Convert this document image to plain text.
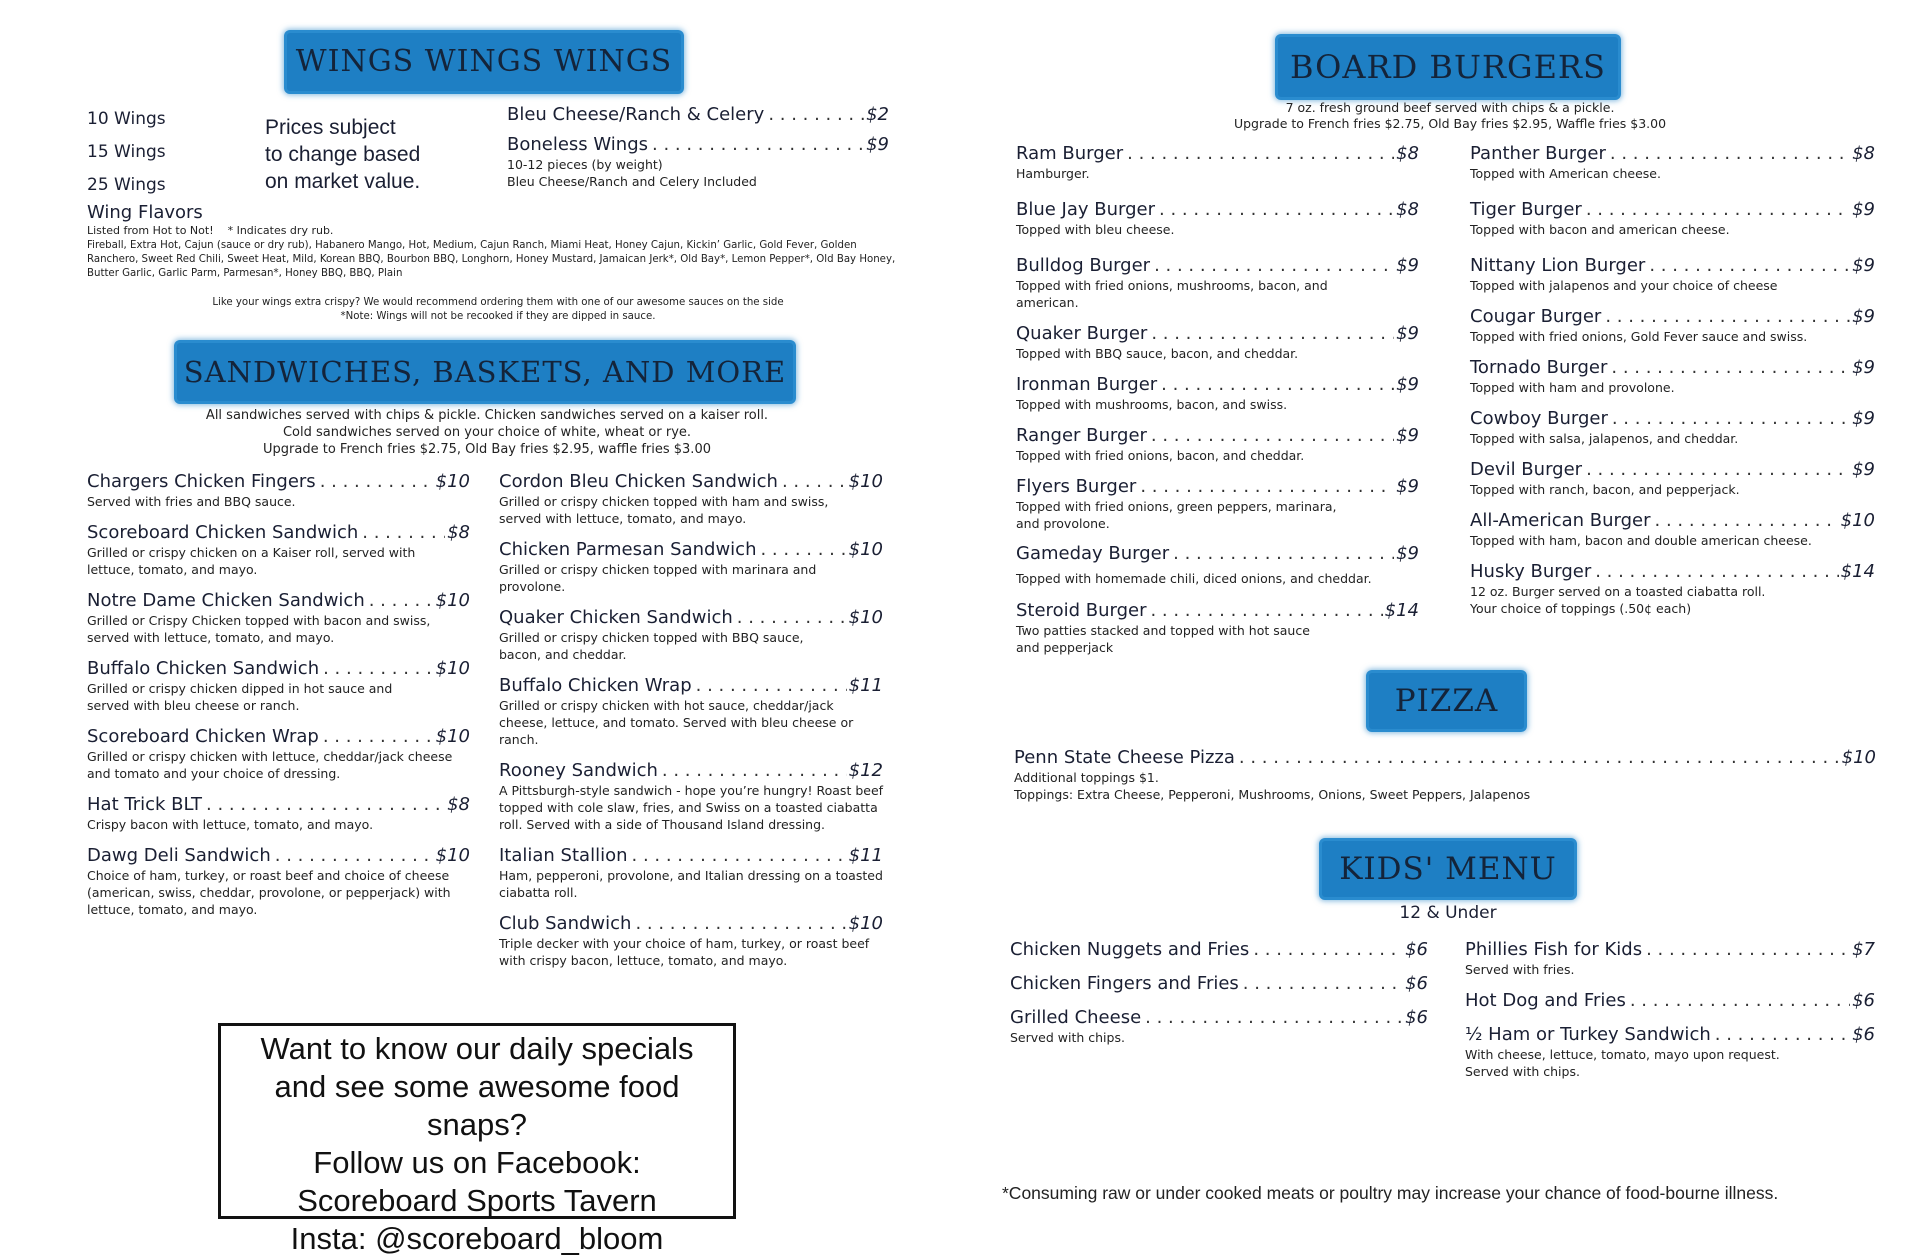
WINGS WINGS WINGS
10 Wings
15 Wings
25 Wings
Prices subject
to change based
on market value.
Bleu Cheese/Ranch & Celery . . .	$2
Boneless Wings . . .	$9
10-12 pieces (by weight)
Bleu Cheese/Ranch and Celery Included
Wing Flavors
Listed from Hot to Not!    * Indicates dry rub.
Fireball, Extra Hot, Cajun (sauce or dry rub), Habanero Mango, Hot, Medium, Cajun Ranch, Miami Heat, Honey Cajun, Kickin’ Garlic, Gold Fever, Golden Ranchero, Sweet Red Chili, Sweet Heat, Mild, Korean BBQ, Bourbon BBQ, Longhorn, Honey Mustard, Jamaican Jerk*, Old Bay*, Lemon Pepper*, Old Bay Honey, Butter Garlic, Garlic Parm, Parmesan*, Honey BBQ, BBQ, Plain
Like your wings extra crispy? We would recommend ordering them with one of our awesome sauces on the side
*Note: Wings will not be recooked if they are dipped in sauce.
SANDWICHES, BASKETS, AND MORE
All sandwiches served with chips & pickle. Chicken sandwiches served on a kaiser roll.
Cold sandwiches served on your choice of white, wheat or rye.
Upgrade to French fries $2.75, Old Bay fries $2.95, waffle fries $3.00
Chargers Chicken Fingers . . .	$10
Served with fries and BBQ sauce.
Scoreboard Chicken Sandwich . . .	$8
Grilled or crispy chicken on a Kaiser roll, served with lettuce, tomato, and mayo.
Notre Dame Chicken Sandwich . . .	$10
Grilled or Crispy Chicken topped with bacon and swiss, served with lettuce, tomato, and mayo.
Buffalo Chicken Sandwich . . .	$10
Grilled or crispy chicken dipped in hot sauce and served with bleu cheese or ranch.
Scoreboard Chicken Wrap . . .	$10
Grilled or crispy chicken with lettuce, cheddar/jack cheese and tomato and your choice of dressing.
Hat Trick BLT . . .	$8
Crispy bacon with lettuce, tomato, and mayo.
Dawg Deli Sandwich . . .	$10
Choice of ham, turkey, or roast beef and choice of cheese (american, swiss, cheddar, provolone, or pepperjack) with lettuce, tomato, and mayo.
Cordon Bleu Chicken Sandwich . . .	$10
Grilled or crispy chicken topped with ham and swiss, served with lettuce, tomato, and mayo.
Chicken Parmesan Sandwich . . .	$10
Grilled or crispy chicken topped with marinara and provolone.
Quaker Chicken Sandwich . . .	$10
Grilled or crispy chicken topped with BBQ sauce, bacon, and cheddar.
Buffalo Chicken Wrap . . .	$11
Grilled or crispy chicken with hot sauce, cheddar/jack cheese, lettuce, and tomato. Served with bleu cheese or ranch.
Rooney Sandwich . . .	$12
A Pittsburgh-style sandwich - hope you’re hungry! Roast beef topped with cole slaw, fries, and Swiss on a toasted ciabatta roll. Served with a side of Thousand Island dressing.
Italian Stallion . . .	$11
Ham, pepperoni, provolone, and Italian dressing on a toasted ciabatta roll.
Club Sandwich . . .	$10
Triple decker with your choice of ham, turkey, or roast beef with crispy bacon, lettuce, tomato, and mayo.
Want to know our daily specials
and see some awesome food snaps?
Follow us on Facebook:
Scoreboard Sports Tavern
Insta: @scoreboard_bloom
BOARD BURGERS
7 oz. fresh ground beef served with chips & a pickle.
Upgrade to French fries $2.75, Old Bay fries $2.95, Waffle fries $3.00
Ram Burger . . .	$8
Hamburger.
Blue Jay Burger . . .	$8
Topped with bleu cheese.
Bulldog Burger . . .	$9
Topped with fried onions, mushrooms, bacon, and american.
Quaker Burger . . .	$9
Topped with BBQ sauce, bacon, and cheddar.
Ironman Burger . . .	$9
Topped with mushrooms, bacon, and swiss.
Ranger Burger . . .	$9
Topped with fried onions, bacon, and cheddar.
Flyers Burger . . .	$9
Topped with fried onions, green peppers, marinara, and provolone.
Gameday Burger . . .	$9
Topped with homemade chili, diced onions, and cheddar.
Steroid Burger . . .	$14
Two patties stacked and topped with hot sauce and pepperjack
Panther Burger . . .	$8
Topped with American cheese.
Tiger Burger . . .	$9
Topped with bacon and american cheese.
Nittany Lion Burger . . .	$9
Topped with jalapenos and your choice of cheese
Cougar Burger . . .	$9
Topped with fried onions, Gold Fever sauce and swiss.
Tornado Burger . . .	$9
Topped with ham and provolone.
Cowboy Burger . . .	$9
Topped with salsa, jalapenos, and cheddar.
Devil Burger . . .	$9
Topped with ranch, bacon, and pepperjack.
All-American Burger . . .	$10
Topped with ham, bacon and double american cheese.
Husky Burger . . .	$14
12 oz. Burger served on a toasted ciabatta roll.
Your choice of toppings (.50¢ each)
PIZZA
Penn State Cheese Pizza . . .	$10
Additional toppings $1.
Toppings: Extra Cheese, Pepperoni, Mushrooms, Onions, Sweet Peppers, Jalapenos
KIDS' MENU
12 & Under
Chicken Nuggets and Fries . . .	$6
Chicken Fingers and Fries . . .	$6
Grilled Cheese . . .	$6
Served with chips.
Phillies Fish for Kids . . .	$7
Served with fries.
Hot Dog and Fries . . .	$6
½ Ham or Turkey Sandwich . . .	$6
With cheese, lettuce, tomato, mayo upon request.
Served with chips.
*Consuming raw or under cooked meats or poultry may increase your chance of food-bourne illness.
